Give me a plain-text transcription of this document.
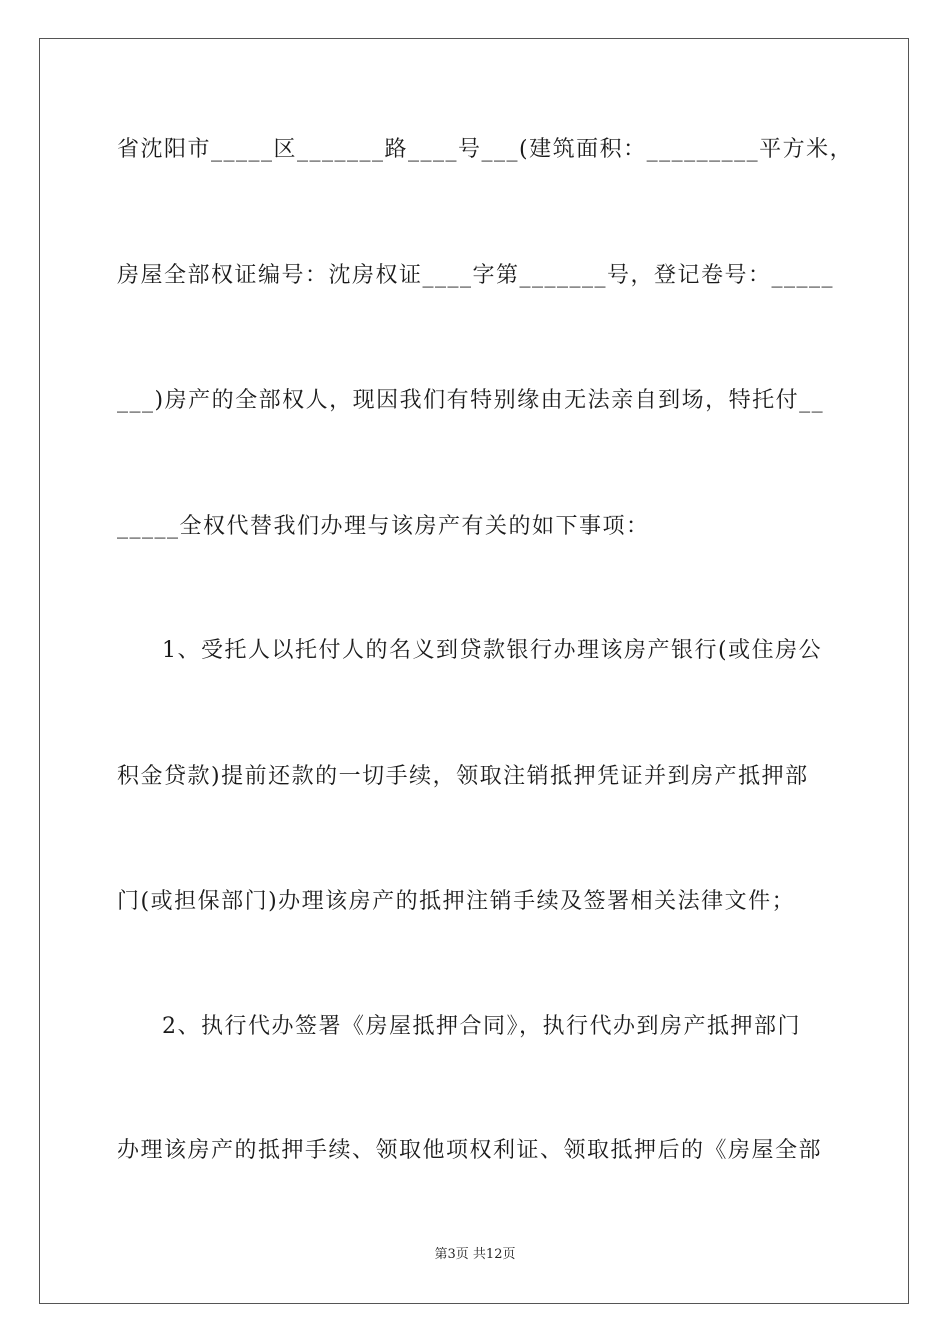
省沈阳市_____区_______路____号___(建筑面积：_________平方米，
房屋全部权证编号：沈房权证____字第_______号，登记卷号：_____
___)房产的全部权人，现因我们有特别缘由无法亲自到场，特托付__
_____全权代替我们办理与该房产有关的如下事项：
1、受托人以托付人的名义到贷款银行办理该房产银行(或住房公
积金贷款)提前还款的一切手续，领取注销抵押凭证并到房产抵押部
门(或担保部门)办理该房产的抵押注销手续及签署相关法律文件；
2、执行代办签署《房屋抵押合同》，执行代办到房产抵押部门
办理该房产的抵押手续、领取他项权利证、领取抵押后的《房屋全部
第3页 共12页
